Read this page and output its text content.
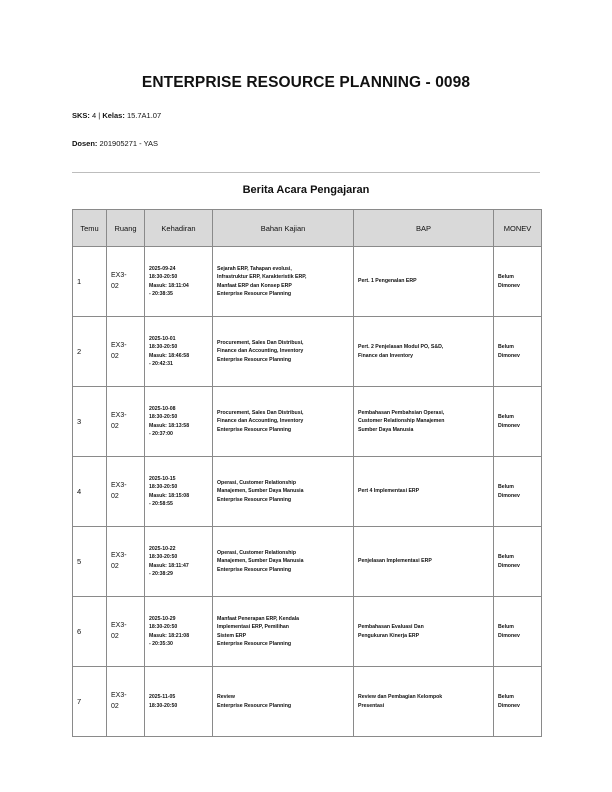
ENTERPRISE RESOURCE PLANNING - 0098
SKS: 4 | Kelas: 15.7A1.07
Dosen: 201905271 - YAS
Berita Acara Pengajaran
Temu	Ruang	Kehadiran	Bahan Kajian	BAP	MONEV
1	EX3-
02	2025-09-24
18:30-20:50
Masuk: 18:11:04
- 20:38:35	Sejarah ERP, Tahapan evolusi,
Infrastruktur ERP, Karakteristik ERP,
Manfaat ERP dan Konsep ERP
Enterprise Resource Planning	Pert. 1 Pengenalan ERP	Belum
Dimonev

2	EX3-
02	2025-10-01
18:30-20:50
Masuk: 18:46:58
- 20:42:31	Procurement, Sales Dan Distribusi,
Finance dan Accounting, Inventory
Enterprise Resource Planning	Pert. 2 Penjelasan Modul PO, S&D,
Finance dan Inventory	Belum
Dimonev

3	EX3-
02	2025-10-08
18:30-20:50
Masuk: 18:13:58
- 20:37:00	Procurement, Sales Dan Distribusi,
Finance dan Accounting, Inventory
Enterprise Resource Planning	Pembahasan Pembahsian Operasi,
Customer Relationship Manajemen
Sumber Daya Manusia	Belum
Dimonev

4	EX3-
02	2025-10-15
18:30-20:50
Masuk: 18:15:08
- 20:58:55	Operasi, Customer Relationship
Manajemen, Sumber Daya Manusia
Enterprise Resource Planning	Pert 4 Implementasi ERP	Belum
Dimonev

5	EX3-
02	2025-10-22
18:30-20:50
Masuk: 18:11:47
- 20:38:29	Operasi, Customer Relationship
Manajemen, Sumber Daya Manusia
Enterprise Resource Planning	Penjelasan Implementasi ERP	Belum
Dimonev

6	EX3-
02	2025-10-29
18:30-20:50
Masuk: 18:21:08
- 20:35:30	Manfaat Penerapan ERP, Kendala
Implementasi ERP, Pemilihan
Sistem ERP
Enterprise Resource Planning	Pembahasan Evaluasi Dan
Pengukuran Kinerja ERP	Belum
Dimonev

7	EX3-
02	2025-11-05
18:30-20:50	Review
Enterprise Resource Planning	Review dan Pembagian Kelompok
Presentasi	Belum
Dimonev
